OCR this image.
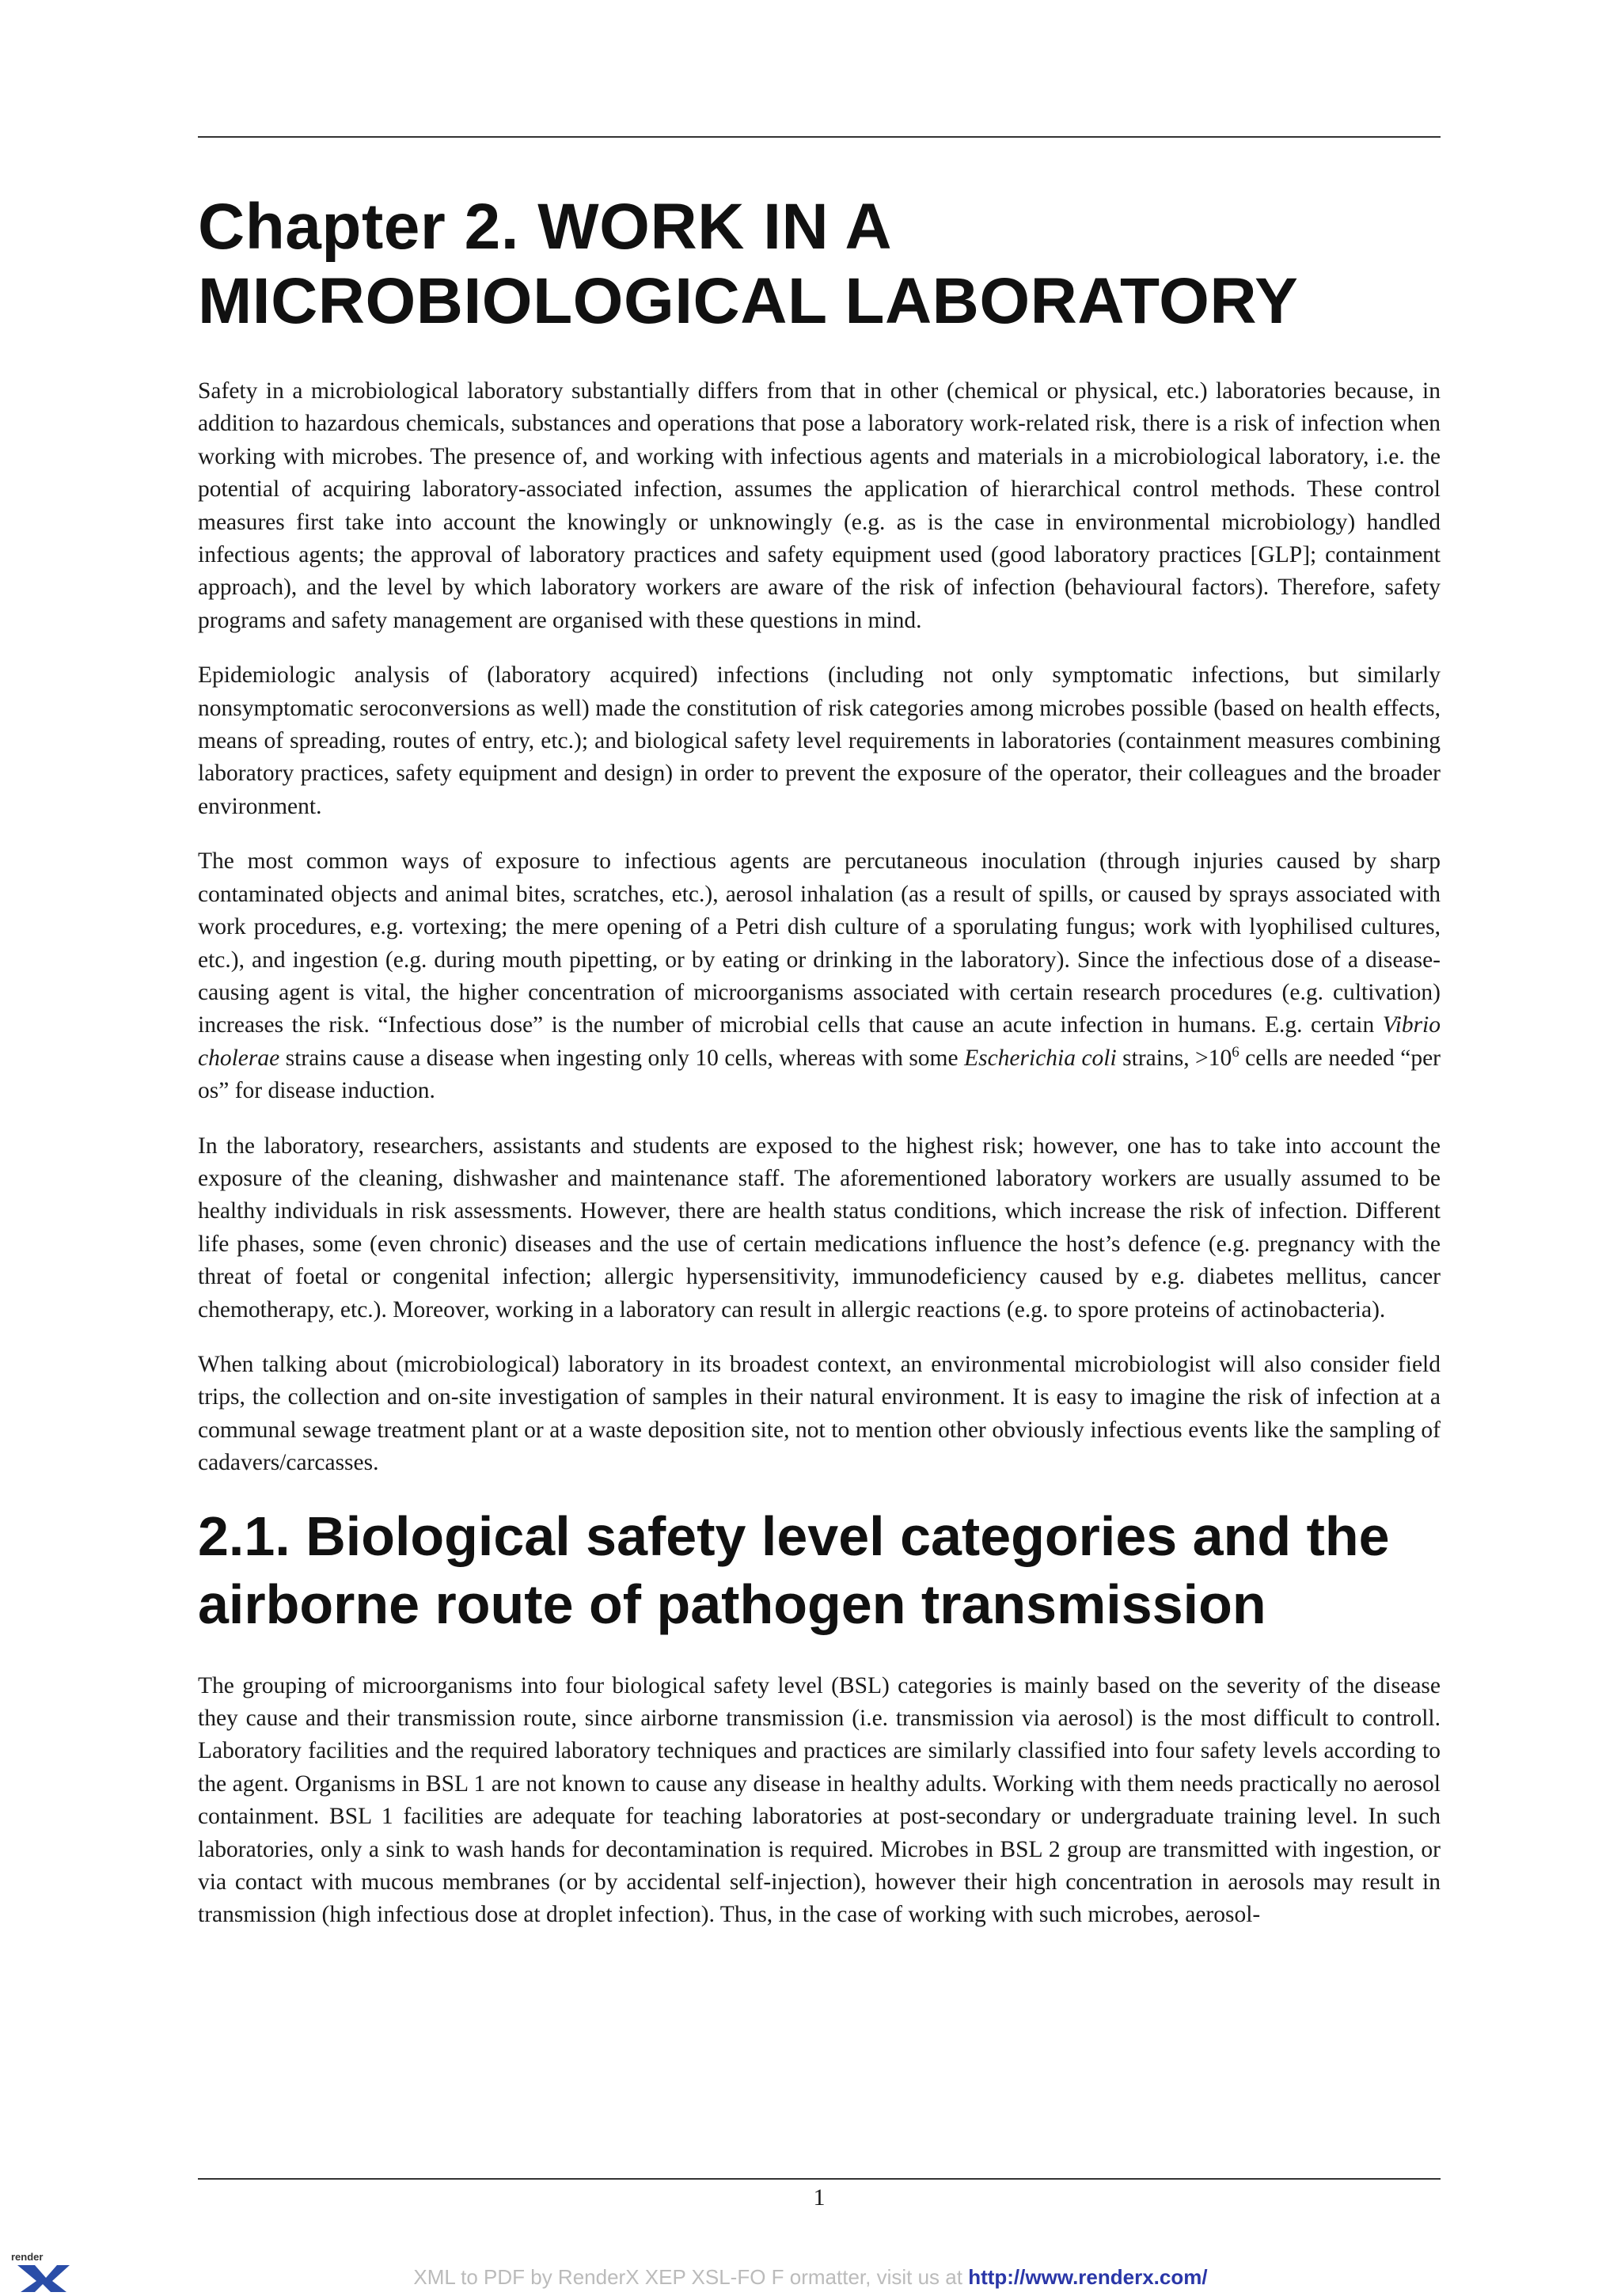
Chapter 2. WORK IN A MICROBIOLOGICAL LABORATORY

Safety in a microbiological laboratory substantially differs from that in other (chemical or physical, etc.) laboratories because, in addition to hazardous chemicals, substances and operations that pose a laboratory work-related risk, there is a risk of infection when working with microbes. The presence of, and working with infectious agents and materials in a microbiological laboratory, i.e. the potential of acquiring laboratory-associated infection, assumes the application of hierarchical control methods. These control measures first take into account the knowingly or unknowingly (e.g. as is the case in environmental microbiology) handled infectious agents; the approval of laboratory practices and safety equipment used (good laboratory practices [GLP]; containment approach), and the level by which laboratory workers are aware of the risk of infection (behavioural factors). Therefore, safety programs and safety management are organised with these questions in mind.

Epidemiologic analysis of (laboratory acquired) infections (including not only symptomatic infections, but similarly nonsymptomatic seroconversions as well) made the constitution of risk categories among microbes possible (based on health effects, means of spreading, routes of entry, etc.); and biological safety level requirements in laboratories (containment measures combining laboratory practices, safety equipment and design) in order to prevent the exposure of the operator, their colleagues and the broader environment.

The most common ways of exposure to infectious agents are percutaneous inoculation (through injuries caused by sharp contaminated objects and animal bites, scratches, etc.), aerosol inhalation (as a result of spills, or caused by sprays associated with work procedures, e.g. vortexing; the mere opening of a Petri dish culture of a sporulating fungus; work with lyophilised cultures, etc.), and ingestion (e.g. during mouth pipetting, or by eating or drinking in the laboratory). Since the infectious dose of a disease-causing agent is vital, the higher concentration of microorganisms associated with certain research procedures (e.g. cultivation) increases the risk. “Infectious dose” is the number of microbial cells that cause an acute infection in humans. E.g. certain Vibrio cholerae strains cause a disease when ingesting only 10 cells, whereas with some Escherichia coli strains, $>10^6$ cells are needed “per os” for disease induction.

In the laboratory, researchers, assistants and students are exposed to the highest risk; however, one has to take into account the exposure of the cleaning, dishwasher and maintenance staff. The aforementioned laboratory workers are usually assumed to be healthy individuals in risk assessments. However, there are health status conditions, which increase the risk of infection. Different life phases, some (even chronic) diseases and the use of certain medications influence the host’s defence (e.g. pregnancy with the threat of foetal or congenital infection; allergic hypersensitivity, immunodeficiency caused by e.g. diabetes mellitus, cancer chemotherapy, etc.). Moreover, working in a laboratory can result in allergic reactions (e.g. to spore proteins of actinobacteria).

When talking about (microbiological) laboratory in its broadest context, an environmental microbiologist will also consider field trips, the collection and on-site investigation of samples in their natural environment. It is easy to imagine the risk of infection at a communal sewage treatment plant or at a waste deposition site, not to mention other obviously infectious events like the sampling of cadavers/carcasses.

2.1. Biological safety level categories and the airborne route of pathogen transmission

The grouping of microorganisms into four biological safety level (BSL) categories is mainly based on the severity of the disease they cause and their transmission route, since airborne transmission (i.e. transmission via aerosol) is the most difficult to controll. Laboratory facilities and the required laboratory techniques and practices are similarly classified into four safety levels according to the agent. Organisms in BSL 1 are not known to cause any disease in healthy adults. Working with them needs practically no aerosol containment. BSL 1 facilities are adequate for teaching laboratories at post-secondary or undergraduate training level. In such laboratories, only a sink to wash hands for decontamination is required. Microbes in BSL 2 group are transmitted with ingestion, or via contact with mucous membranes (or by accidental self-injection), however their high concentration in aerosols may result in transmission (high infectious dose at droplet infection). Thus, in the case of working with such microbes, aerosol-

1
render
XML to PDF by RenderX XEP XSL-FO F ormatter, visit us at http://www.renderx.com/
